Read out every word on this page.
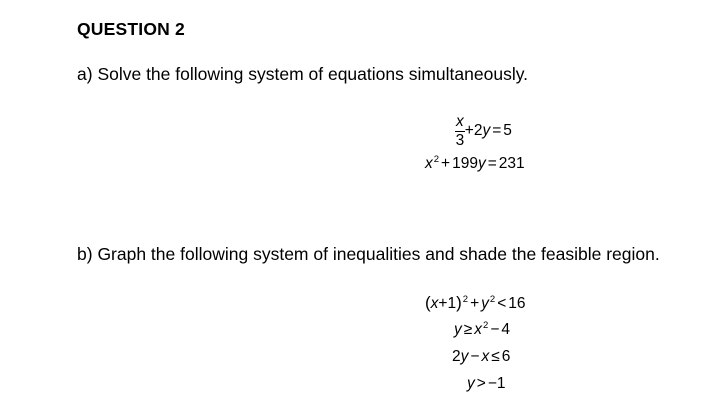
QUESTION 2
a) Solve the following system of equations simultaneously.
$\frac{x}{3} +2y = 5$
$x^2 + 199y = 231$
b) Graph the following system of inequalities and shade the feasible region.
$(x+1)^2 + y^2 < 16$
$y \ge x^2 - 4$
2y − x ≤ 6
y > −1
